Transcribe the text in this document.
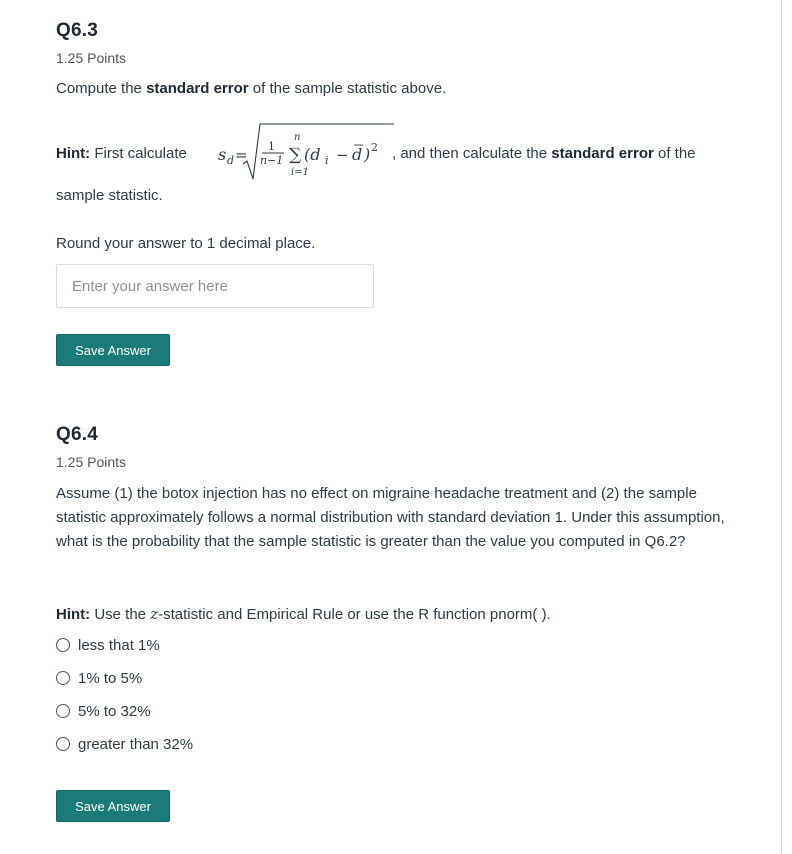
Q6.3
1.25 Points
Compute the standard error of the sample statistic above.
Hint: First calculate	s d = 1
n−1
n
∑
i=1
(d i − d ) 2 , and then calculate the standard error of the
sample statistic.
Round your answer to 1 decimal place.
Enter your answer here
Save Answer
Q6.4
1.25 Points
Assume (1) the botox injection has no effect on migraine headache treatment and (2) the sample statistic approximately follows a normal distribution with standard deviation 1. Under this assumption, what is the probability that the sample statistic is greater than the value you computed in Q6.2?
Hint: Use the z-statistic and Empirical Rule or use the R function pnorm( ).
less that 1%
1% to 5%
5% to 32%
greater than 32%
Save Answer
